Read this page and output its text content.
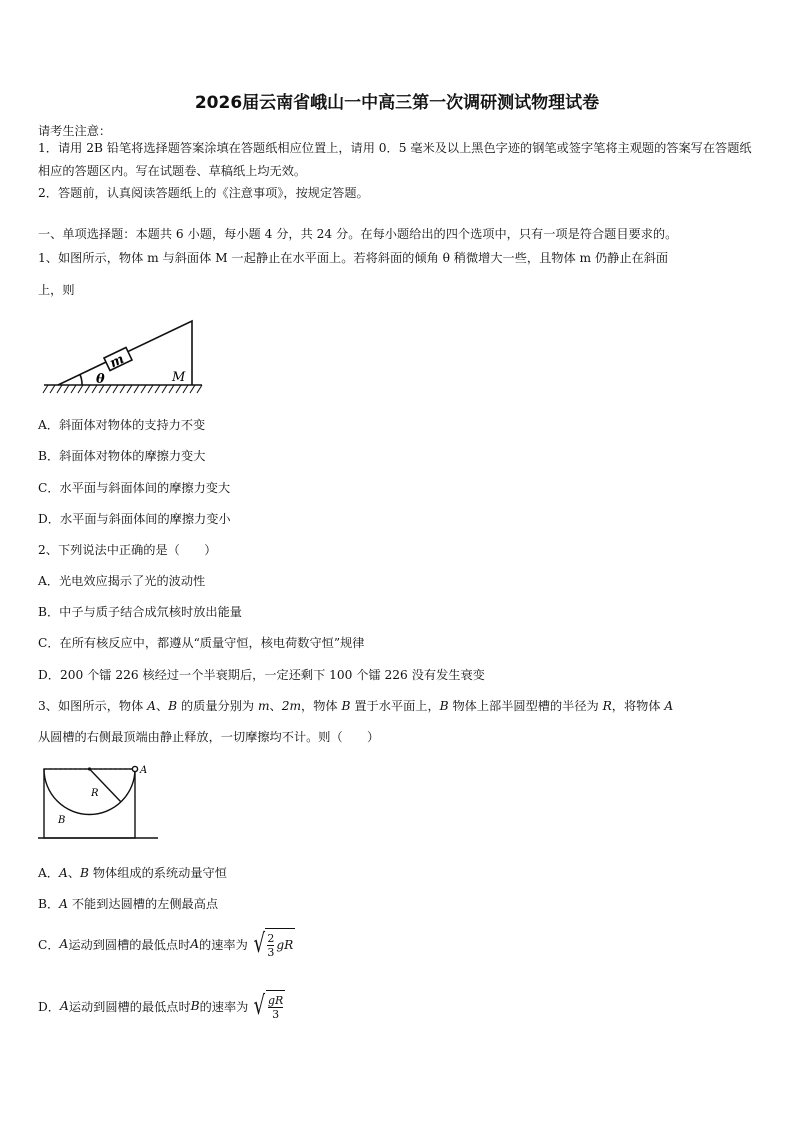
2026届云南省峨山一中高三第一次调研测试物理试卷
请考生注意：
1．请用 2B 铅笔将选择题答案涂填在答题纸相应位置上，请用 0．5 毫米及以上黑色字迹的钢笔或签字笔将主观题的答案写在答题纸相应的答题区内。写在试题卷、草稿纸上均无效。
2．答题前，认真阅读答题纸上的《注意事项》，按规定答题。
一、单项选择题：本题共 6 小题，每小题 4 分，共 24 分。在每小题给出的四个选项中，只有一项是符合题目要求的。
1、如图所示，物体 m 与斜面体 M 一起静止在水平面上。若将斜面的倾角 θ 稍微增大一些，且物体 m 仍静止在斜面
上，则
m
θ	M
A．斜面体对物体的支持力不变
B．斜面体对物体的摩擦力变大
C．水平面与斜面体间的摩擦力变大
D．水平面与斜面体间的摩擦力变小
2、下列说法中正确的是（　　）
A．光电效应揭示了光的波动性
B．中子与质子结合成氘核时放出能量
C．在所有核反应中，都遵从“质量守恒，核电荷数守恒”规律
D．200 个镭 226 核经过一个半衰期后，一定还剩下 100 个镭 226 没有发生衰变
3、如图所示，物体 A、B 的质量分别为 m、2m，物体 B 置于水平面上，B 物体上部半圆型槽的半径为 R，将物体 A
从圆槽的右侧最顶端由静止释放，一切摩擦均不计。则（　　）
A
R
B
A．A、B 物体组成的系统动量守恒
B．A 不能到达圆槽的左侧最高点
C． A 运动到圆槽的最低点时 A 的速率为 √ $\frac{2}{3}$ gR
D． A 运动到圆槽的最低点时 B 的速率为 √ $\frac{gR}{3}$
